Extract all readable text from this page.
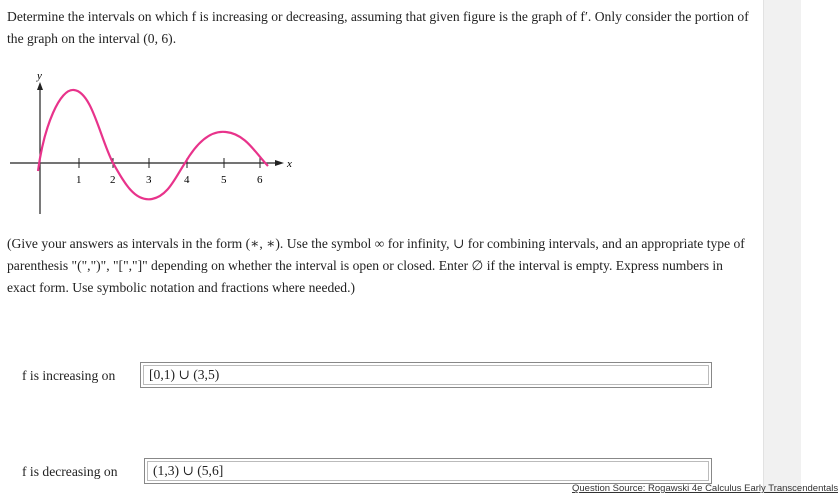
Determine the intervals on which f is increasing or decreasing, assuming that given figure is the graph of f′. Only consider the portion of the graph on the interval (0, 6).
y
x
1	2	3	4	5	6
(Give your answers as intervals in the form (∗, ∗). Use the symbol ∞ for infinity, ∪ for combining intervals, and an appropriate type of parenthesis "(",")", "[","]" depending on whether the interval is open or closed. Enter ∅ if the interval is empty. Express numbers in exact form. Use symbolic notation and fractions where needed.)
f is increasing on [0,1) ∪ (3,5)
f is decreasing on	(1,3) ∪ (5,6]
Question Source: Rogawski 4e Calculus Early Transcendentals
